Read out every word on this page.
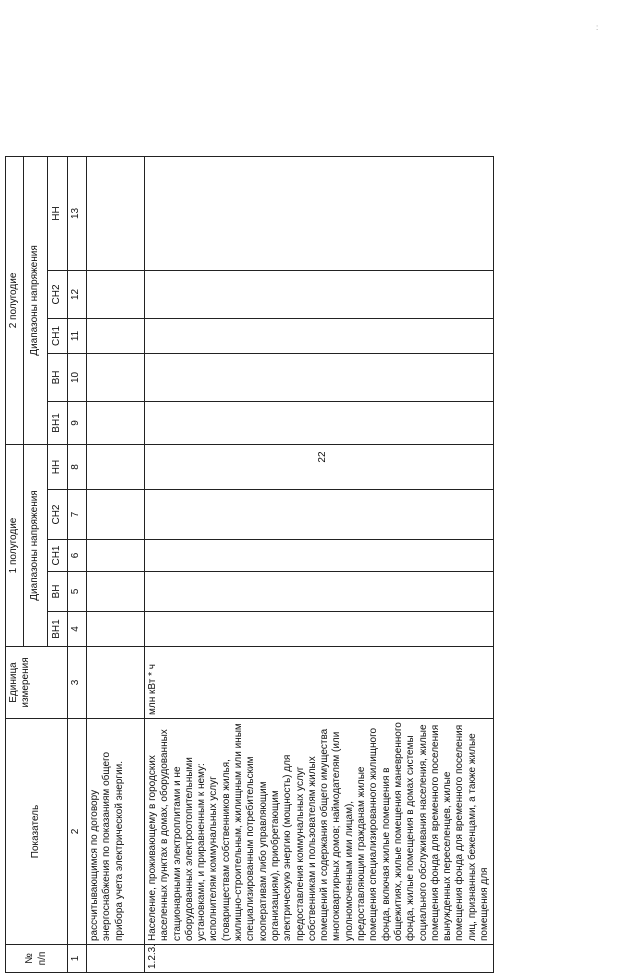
22
:
№ п/п	Показатель	Единица измерения	1 полугодие					2 полугодие				
			Диапазоны напряжения					Диапазоны напряжения				
			ВН1	ВН	СН1	СН2	НН	ВН1	ВН	СН1	СН2	НН
1	2	3	4	5	6	7	8	9	10	11	12	13
	рассчитывающимся по договору энергоснабжения по показаниям общего прибора учета электрической энергии.											
1.2.3.	Население, проживающему в городских населенных пунктах в домах, оборудованных стационарными электроплитами и не оборудованных электроотопительными установками, и приравненным к нему: исполнителям коммунальных услуг (товариществам собственников жилья, жилищно-строительным, жилищным или иным специализированным потребительским кооперативам либо управляющим организациям), приобретающим электрическую энергию (мощность) для предоставления коммунальных услуг собственникам и пользователям жилых помещений и содержания общего имущества многоквартирных домов; наймодателям (или уполномоченным ими лицам), предоставляющим гражданам жилые помещения специализированного жилищного фонда, включая жилые помещения в общежитиях, жилые помещения маневренного фонда, жилые помещения в домах системы социального обслуживания населения, жилые помещения фонда для временного поселения вынужденных переселенцев, жилые помещения фонда для временного поселения лиц, признанных беженцами, а также жилые помещения для	млн кВт * ч										
